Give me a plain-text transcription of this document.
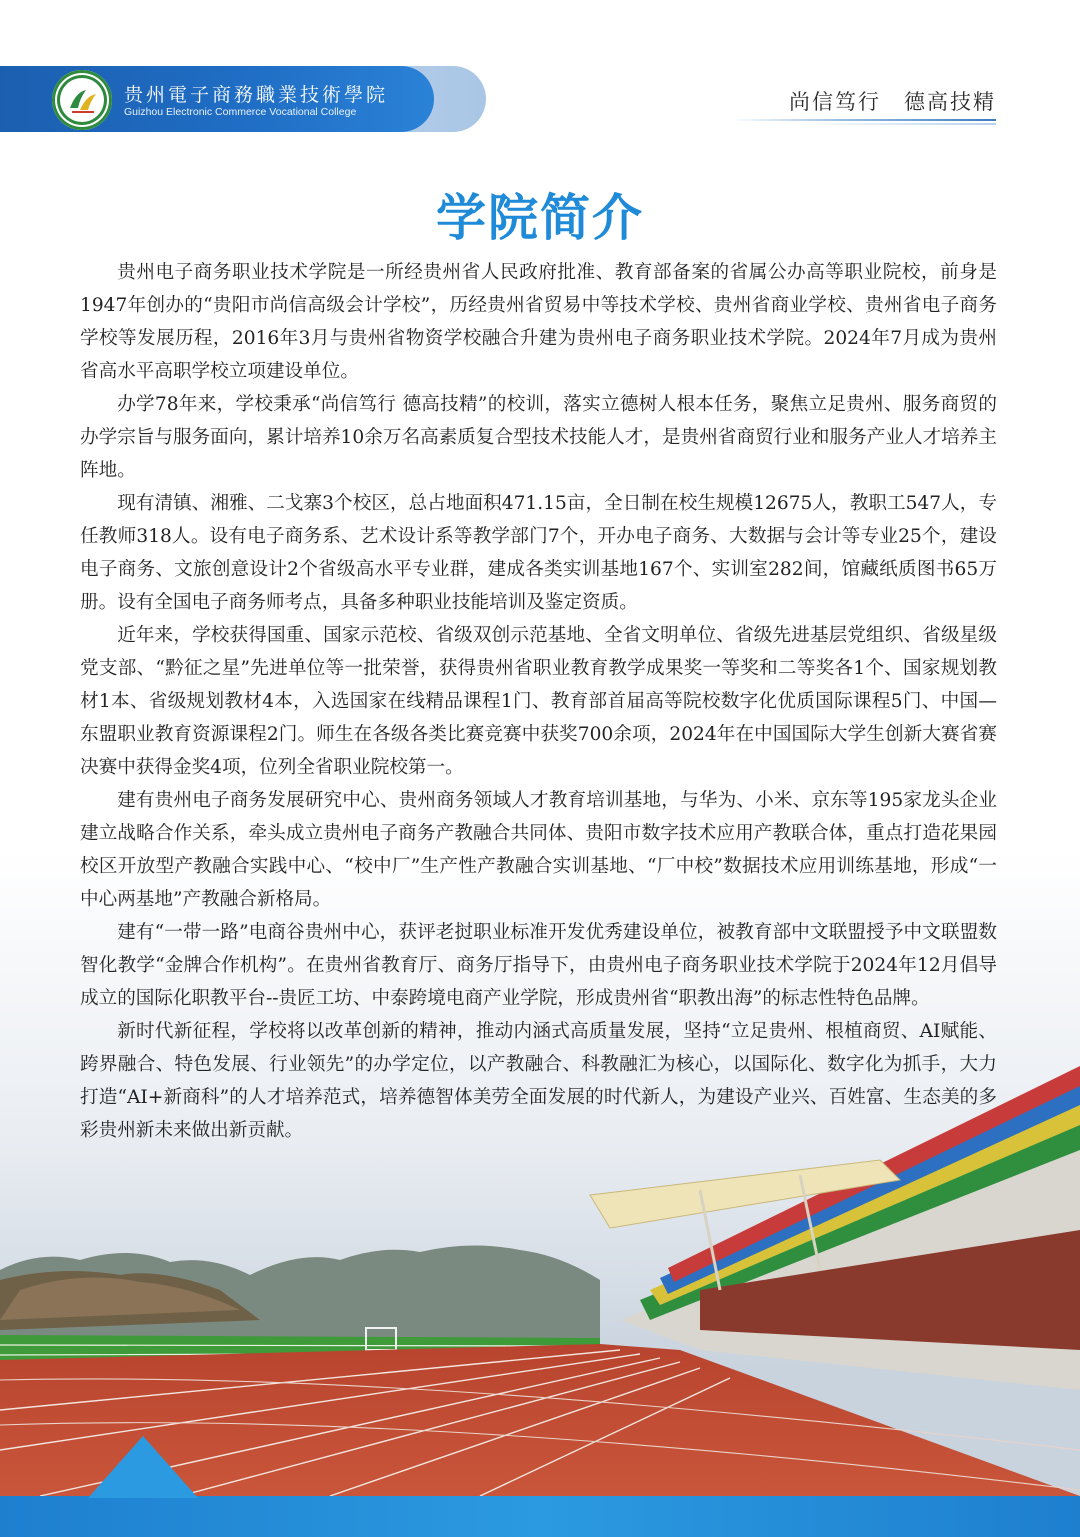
贵州電子商務職業技術學院
Guizhou Electronic Commerce Vocational College	尚信笃行　德高技精
学院简介

贵州电子商务职业技术学院是一所经贵州省人民政府批准、教育部备案的省属公办高等职业院校，前身是1947年创办的“贵阳市尚信高级会计学校”，历经贵州省贸易中等技术学校、贵州省商业学校、贵州省电子商务学校等发展历程，2016年3月与贵州省物资学校融合升建为贵州电子商务职业技术学院。2024年7月成为贵州省高水平高职学校立项建设单位。

办学78年来，学校秉承“尚信笃行 德高技精”的校训，落实立德树人根本任务，聚焦立足贵州、服务商贸的办学宗旨与服务面向，累计培养10余万名高素质复合型技术技能人才，是贵州省商贸行业和服务产业人才培养主阵地。

现有清镇、湘雅、二戈寨3个校区，总占地面积471.15亩，全日制在校生规模12675人，教职工547人，专任教师318人。设有电子商务系、艺术设计系等教学部门7个，开办电子商务、大数据与会计等专业25个，建设电子商务、文旅创意设计2个省级高水平专业群，建成各类实训基地167个、实训室282间，馆藏纸质图书65万册。设有全国电子商务师考点，具备多种职业技能培训及鉴定资质。

近年来，学校获得国重、国家示范校、省级双创示范基地、全省文明单位、省级先进基层党组织、省级星级党支部、“黔征之星”先进单位等一批荣誉，获得贵州省职业教育教学成果奖一等奖和二等奖各1个、国家规划教材1本、省级规划教材4本，入选国家在线精品课程1门、教育部首届高等院校数字化优质国际课程5门、中国—东盟职业教育资源课程2门。师生在各级各类比赛竞赛中获奖700余项，2024年在中国国际大学生创新大赛省赛决赛中获得金奖4项，位列全省职业院校第一。

建有贵州电子商务发展研究中心、贵州商务领域人才教育培训基地，与华为、小米、京东等195家龙头企业建立战略合作关系，牵头成立贵州电子商务产教融合共同体、贵阳市数字技术应用产教联合体，重点打造花果园校区开放型产教融合实践中心、“校中厂”生产性产教融合实训基地、“厂中校”数据技术应用训练基地，形成“一中心两基地”产教融合新格局。

建有“一带一路”电商谷贵州中心，获评老挝职业标准开发优秀建设单位，被教育部中文联盟授予中文联盟数智化教学“金牌合作机构”。在贵州省教育厅、商务厅指导下，由贵州电子商务职业技术学院于2024年12月倡导成立的国际化职教平台--贵匠工坊、中泰跨境电商产业学院，形成贵州省“职教出海”的标志性特色品牌。

新时代新征程，学校将以改革创新的精神，推动内涵式高质量发展，坚持“立足贵州、根植商贸、AI赋能、跨界融合、特色发展、行业领先”的办学定位，以产教融合、科教融汇为核心，以国际化、数字化为抓手，大力打造“AI+新商科”的人才培养范式，培养德智体美劳全面发展的时代新人，为建设产业兴、百姓富、生态美的多彩贵州新未来做出新贡献。
